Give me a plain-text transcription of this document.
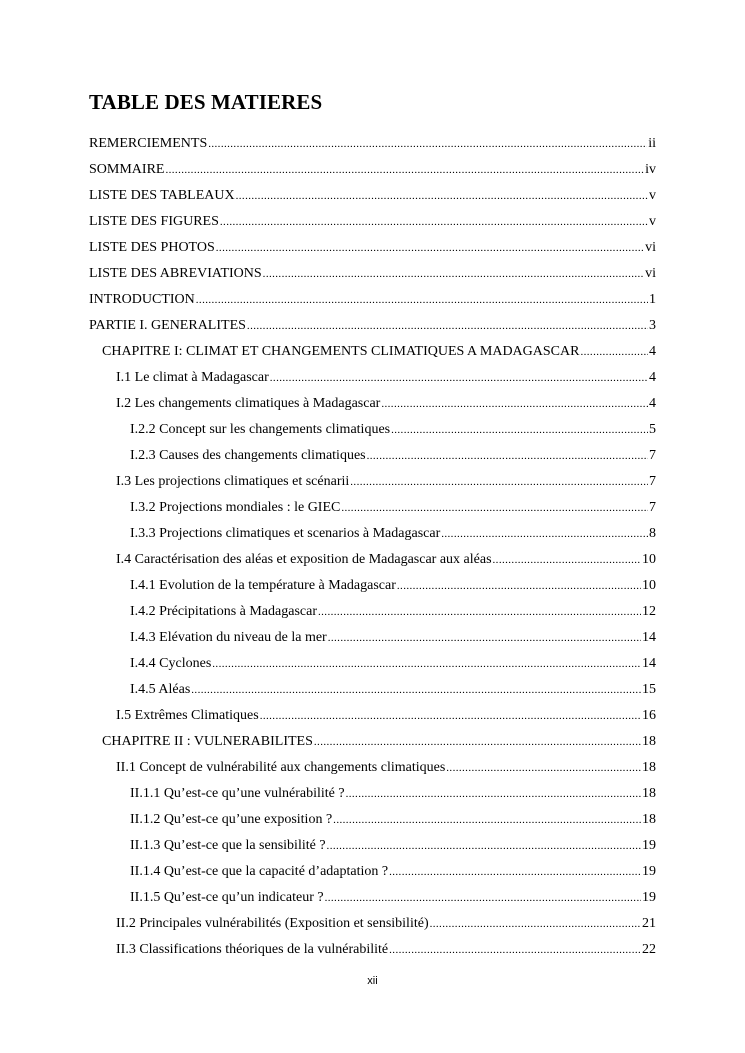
TABLE DES MATIERES
REMERCIEMENTS .....	ii
SOMMAIRE .....	iv
LISTE DES TABLEAUX .....	v
LISTE DES FIGURES .....	v
LISTE DES PHOTOS .....	vi
LISTE DES ABREVIATIONS .....	vi
INTRODUCTION .....	1
PARTIE I. GENERALITES .....	3
CHAPITRE I: CLIMAT ET CHANGEMENTS CLIMATIQUES A MADAGASCAR .....	4
I.1 Le climat à Madagascar .....	4
I.2 Les changements climatiques à Madagascar .....	4
I.2.2 Concept sur les changements climatiques .....	5
I.2.3 Causes des changements climatiques .....	7
I.3 Les projections climatiques et scénarii .....	7
I.3.2 Projections mondiales : le GIEC .....	7
I.3.3 Projections climatiques et scenarios à Madagascar .....	8
I.4 Caractérisation des aléas et exposition de Madagascar aux aléas .....	10
I.4.1 Evolution de la température à Madagascar .....	10
I.4.2 Précipitations à Madagascar .....	12
I.4.3 Elévation du niveau de la mer .....	14
I.4.4 Cyclones .....	14
I.4.5 Aléas .....	15
I.5 Extrêmes Climatiques .....	16
CHAPITRE II : VULNERABILITES .....	18
II.1 Concept de vulnérabilité aux changements climatiques .....	18
II.1.1 Qu’est-ce qu’une vulnérabilité ? .....	18
II.1.2 Qu’est-ce qu’une exposition ? .....	18
II.1.3 Qu’est-ce que la sensibilité ? .....	19
II.1.4 Qu’est-ce que la capacité d’adaptation ? .....	19
II.1.5 Qu’est-ce qu’un indicateur ? .....	19
II.2 Principales vulnérabilités (Exposition et sensibilité) .....	21
II.3 Classifications théoriques de la vulnérabilité .....	22
xii
